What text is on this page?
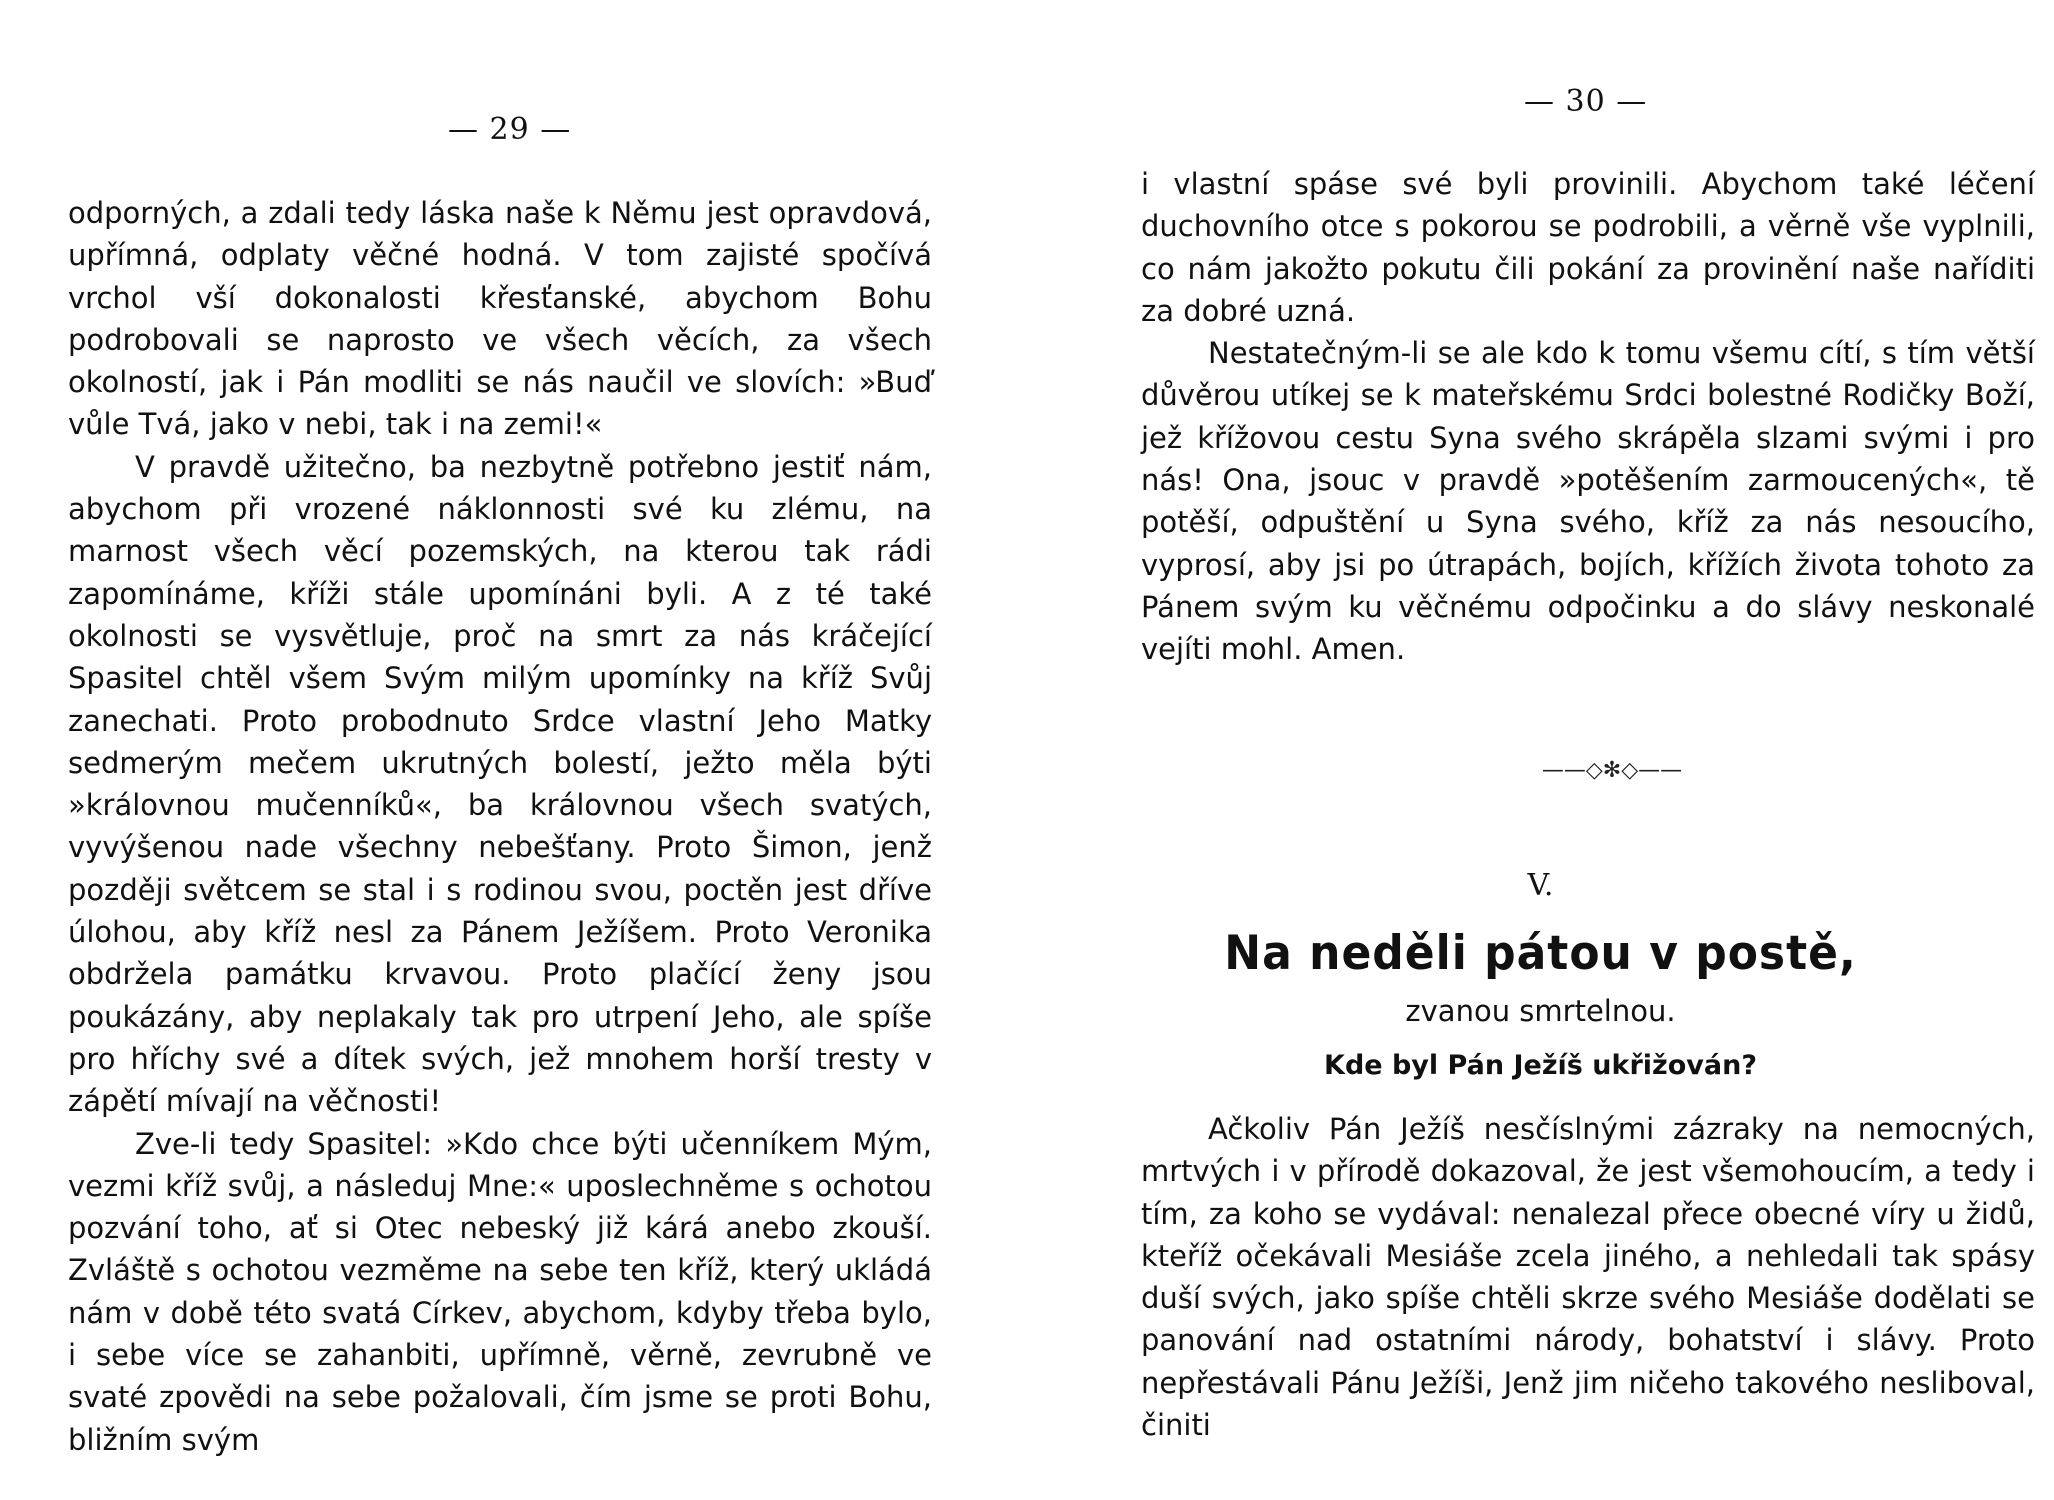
— 29 —

odporných, a zdali tedy láska naše k Němu jest opravdová, upřímná, odplaty věčné hodná. V tom zajisté spočívá vrchol vší dokonalosti křesťanské, abychom Bohu podrobovali se naprosto ve všech věcích, za všech okolností, jak i Pán modliti se nás naučil ve slovích: »Buď vůle Tvá, jako v nebi, tak i na zemi!«

V pravdě užitečno, ba nezbytně potřebno jestiť nám, abychom při vrozené náklonnosti své ku zlému, na marnost všech věcí pozemských, na kterou tak rádi zapomínáme, kříži stále upomínáni byli. A z té také okolnosti se vysvětluje, proč na smrt za nás kráčející Spasitel chtěl všem Svým milým upomínky na kříž Svůj zanechati. Proto probodnuto Srdce vlastní Jeho Matky sedmerým mečem ukrutných bolestí, ježto měla býti »královnou mučenníků«, ba královnou všech svatých, vyvýšenou nade všechny nebešťany. Proto Šimon, jenž později světcem se stal i s rodinou svou, poctěn jest dříve úlohou, aby kříž nesl za Pánem Ježíšem. Proto Veronika obdržela památku krvavou. Proto plačící ženy jsou poukázány, aby neplakaly tak pro utrpení Jeho, ale spíše pro hříchy své a dítek svých, jež mnohem horší tresty v zápětí mívají na věčnosti!

Zve-li tedy Spasitel: »Kdo chce býti učenníkem Mým, vezmi kříž svůj, a následuj Mne:« uposlechněme s ochotou pozvání toho, ať si Otec nebeský již kárá anebo zkouší. Zvláště s ochotou vezměme na sebe ten kříž, který ukládá nám v době této svatá Církev, abychom, kdyby třeba bylo, i sebe více se zahanbiti, upřímně, věrně, zevrubně ve svaté zpovědi na sebe požalovali, čím jsme se proti Bohu, bližním svým

— 30 —

i vlastní spáse své byli provinili. Abychom také léčení duchovního otce s pokorou se podrobili, a věrně vše vyplnili, co nám jakožto pokutu čili pokání za provinění naše naříditi za dobré uzná.

Nestatečným-li se ale kdo k tomu všemu cítí, s tím větší důvěrou utíkej se k mateřskému Srdci bolestné Rodičky Boží, jež křížovou cestu Syna svého skrápěla slzami svými i pro nás! Ona, jsouc v pravdě »potěšením zarmoucených«, tě potěší, odpuštění u Syna svého, kříž za nás nesoucího, vyprosí, aby jsi po útrapách, bojích, křížích života tohoto za Pánem svým ku věčnému odpočinku a do slávy neskonalé vejíti mohl. Amen.

Ačkoliv Pán Ježíš nesčíslnými zázraky na nemocných, mrtvých i v přírodě dokazoval, že jest všemohoucím, a tedy i tím, za koho se vydával: nenalezal přece obecné víry u židů, kteříž očekávali Mesiáše zcela jiného, a nehledali tak spásy duší svých, jako spíše chtěli skrze svého Mesiáše dodělati se panování nad ostatními národy, bohatství i slávy. Proto nepřestávali Pánu Ježíši, Jenž jim ničeho takového nesliboval, činiti

——◇✻◇——
V.
Na neděli pátou v postě,
zvanou smrtelnou.
Kde byl Pán Ježíš ukřižován?
